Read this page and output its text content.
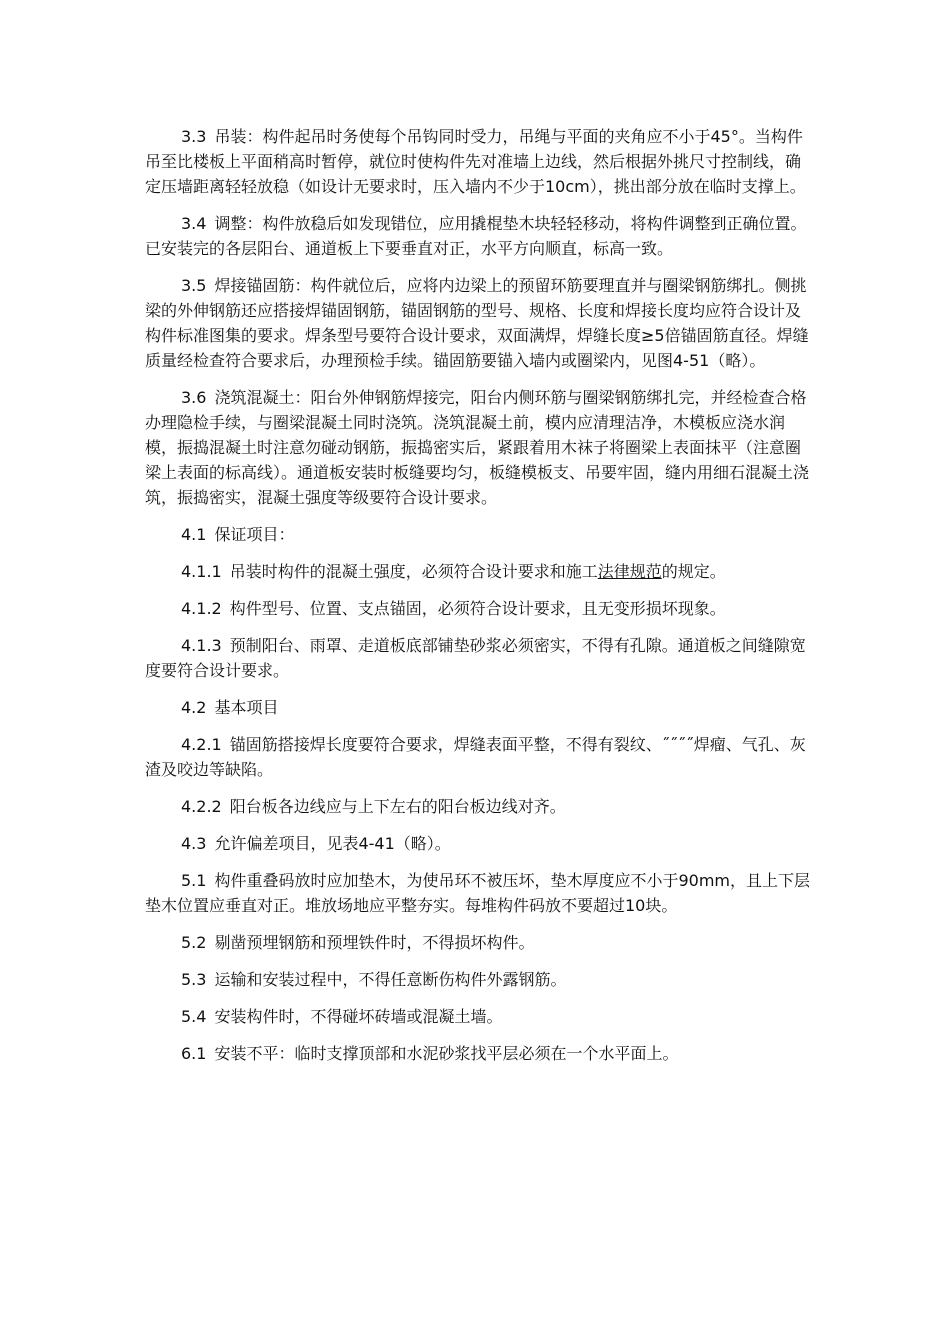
3.3 吊装：构件起吊时务使每个吊钩同时受力，吊绳与平面的夹角应不小于45°。当构件吊至比楼板上平面稍高时暂停，就位时使构件先对准墙上边线，然后根据外挑尺寸控制线，确定压墙距离轻轻放稳（如设计无要求时，压入墙内不少于10cm），挑出部分放在临时支撑上。

3.4 调整：构件放稳后如发现错位，应用撬棍垫木块轻轻移动，将构件调整到正确位置。已安装完的各层阳台、通道板上下要垂直对正，水平方向顺直，标高一致。

3.5 焊接锚固筋：构件就位后，应将内边梁上的预留环筋要理直并与圈梁钢筋绑扎。侧挑梁的外伸钢筋还应搭接焊锚固钢筋，锚固钢筋的型号、规格、长度和焊接长度均应符合设计及构件标准图集的要求。焊条型号要符合设计要求，双面满焊，焊缝长度≥5倍锚固筋直径。焊缝质量经检查符合要求后，办理预检手续。锚固筋要锚入墙内或圈梁内，见图4-51（略）。

3.6 浇筑混凝土：阳台外伸钢筋焊接完，阳台内侧环筋与圈梁钢筋绑扎完，并经检查合格办理隐检手续，与圈梁混凝土同时浇筑。浇筑混凝土前，模内应清理洁净，木模板应浇水润模，振捣混凝土时注意勿碰动钢筋，振捣密实后，紧跟着用木袜子将圈梁上表面抹平（注意圈梁上表面的标高线）。通道板安装时板缝要均匀，板缝模板支、吊要牢固，缝内用细石混凝土浇筑，振捣密实，混凝土强度等级要符合设计要求。

4.1 保证项目：

4.1.1 吊装时构件的混凝土强度，必须符合设计要求和施工法律规范的规定。

4.1.2 构件型号、位置、支点锚固，必须符合设计要求，且无变形损坏现象。

4.1.3 预制阳台、雨罩、走道板底部铺垫砂浆必须密实，不得有孔隙。通道板之间缝隙宽度要符合设计要求。

4.2 基本项目

4.2.1 锚固筋搭接焊长度要符合要求，焊缝表面平整，不得有裂纹、˝˝˝˝焊瘤、气孔、灰渣及咬边等缺陷。

4.2.2 阳台板各边线应与上下左右的阳台板边线对齐。

4.3 允许偏差项目，见表4-41（略）。

5.1 构件重叠码放时应加垫木，为使吊环不被压坏，垫木厚度应不小于90mm，且上下层垫木位置应垂直对正。堆放场地应平整夯实。每堆构件码放不要超过10块。

5.2 剔凿预埋钢筋和预埋铁件时，不得损坏构件。

5.3 运输和安装过程中，不得任意断伤构件外露钢筋。

5.4 安装构件时，不得碰坏砖墙或混凝土墙。

6.1 安装不平：临时支撑顶部和水泥砂浆找平层必须在一个水平面上。
